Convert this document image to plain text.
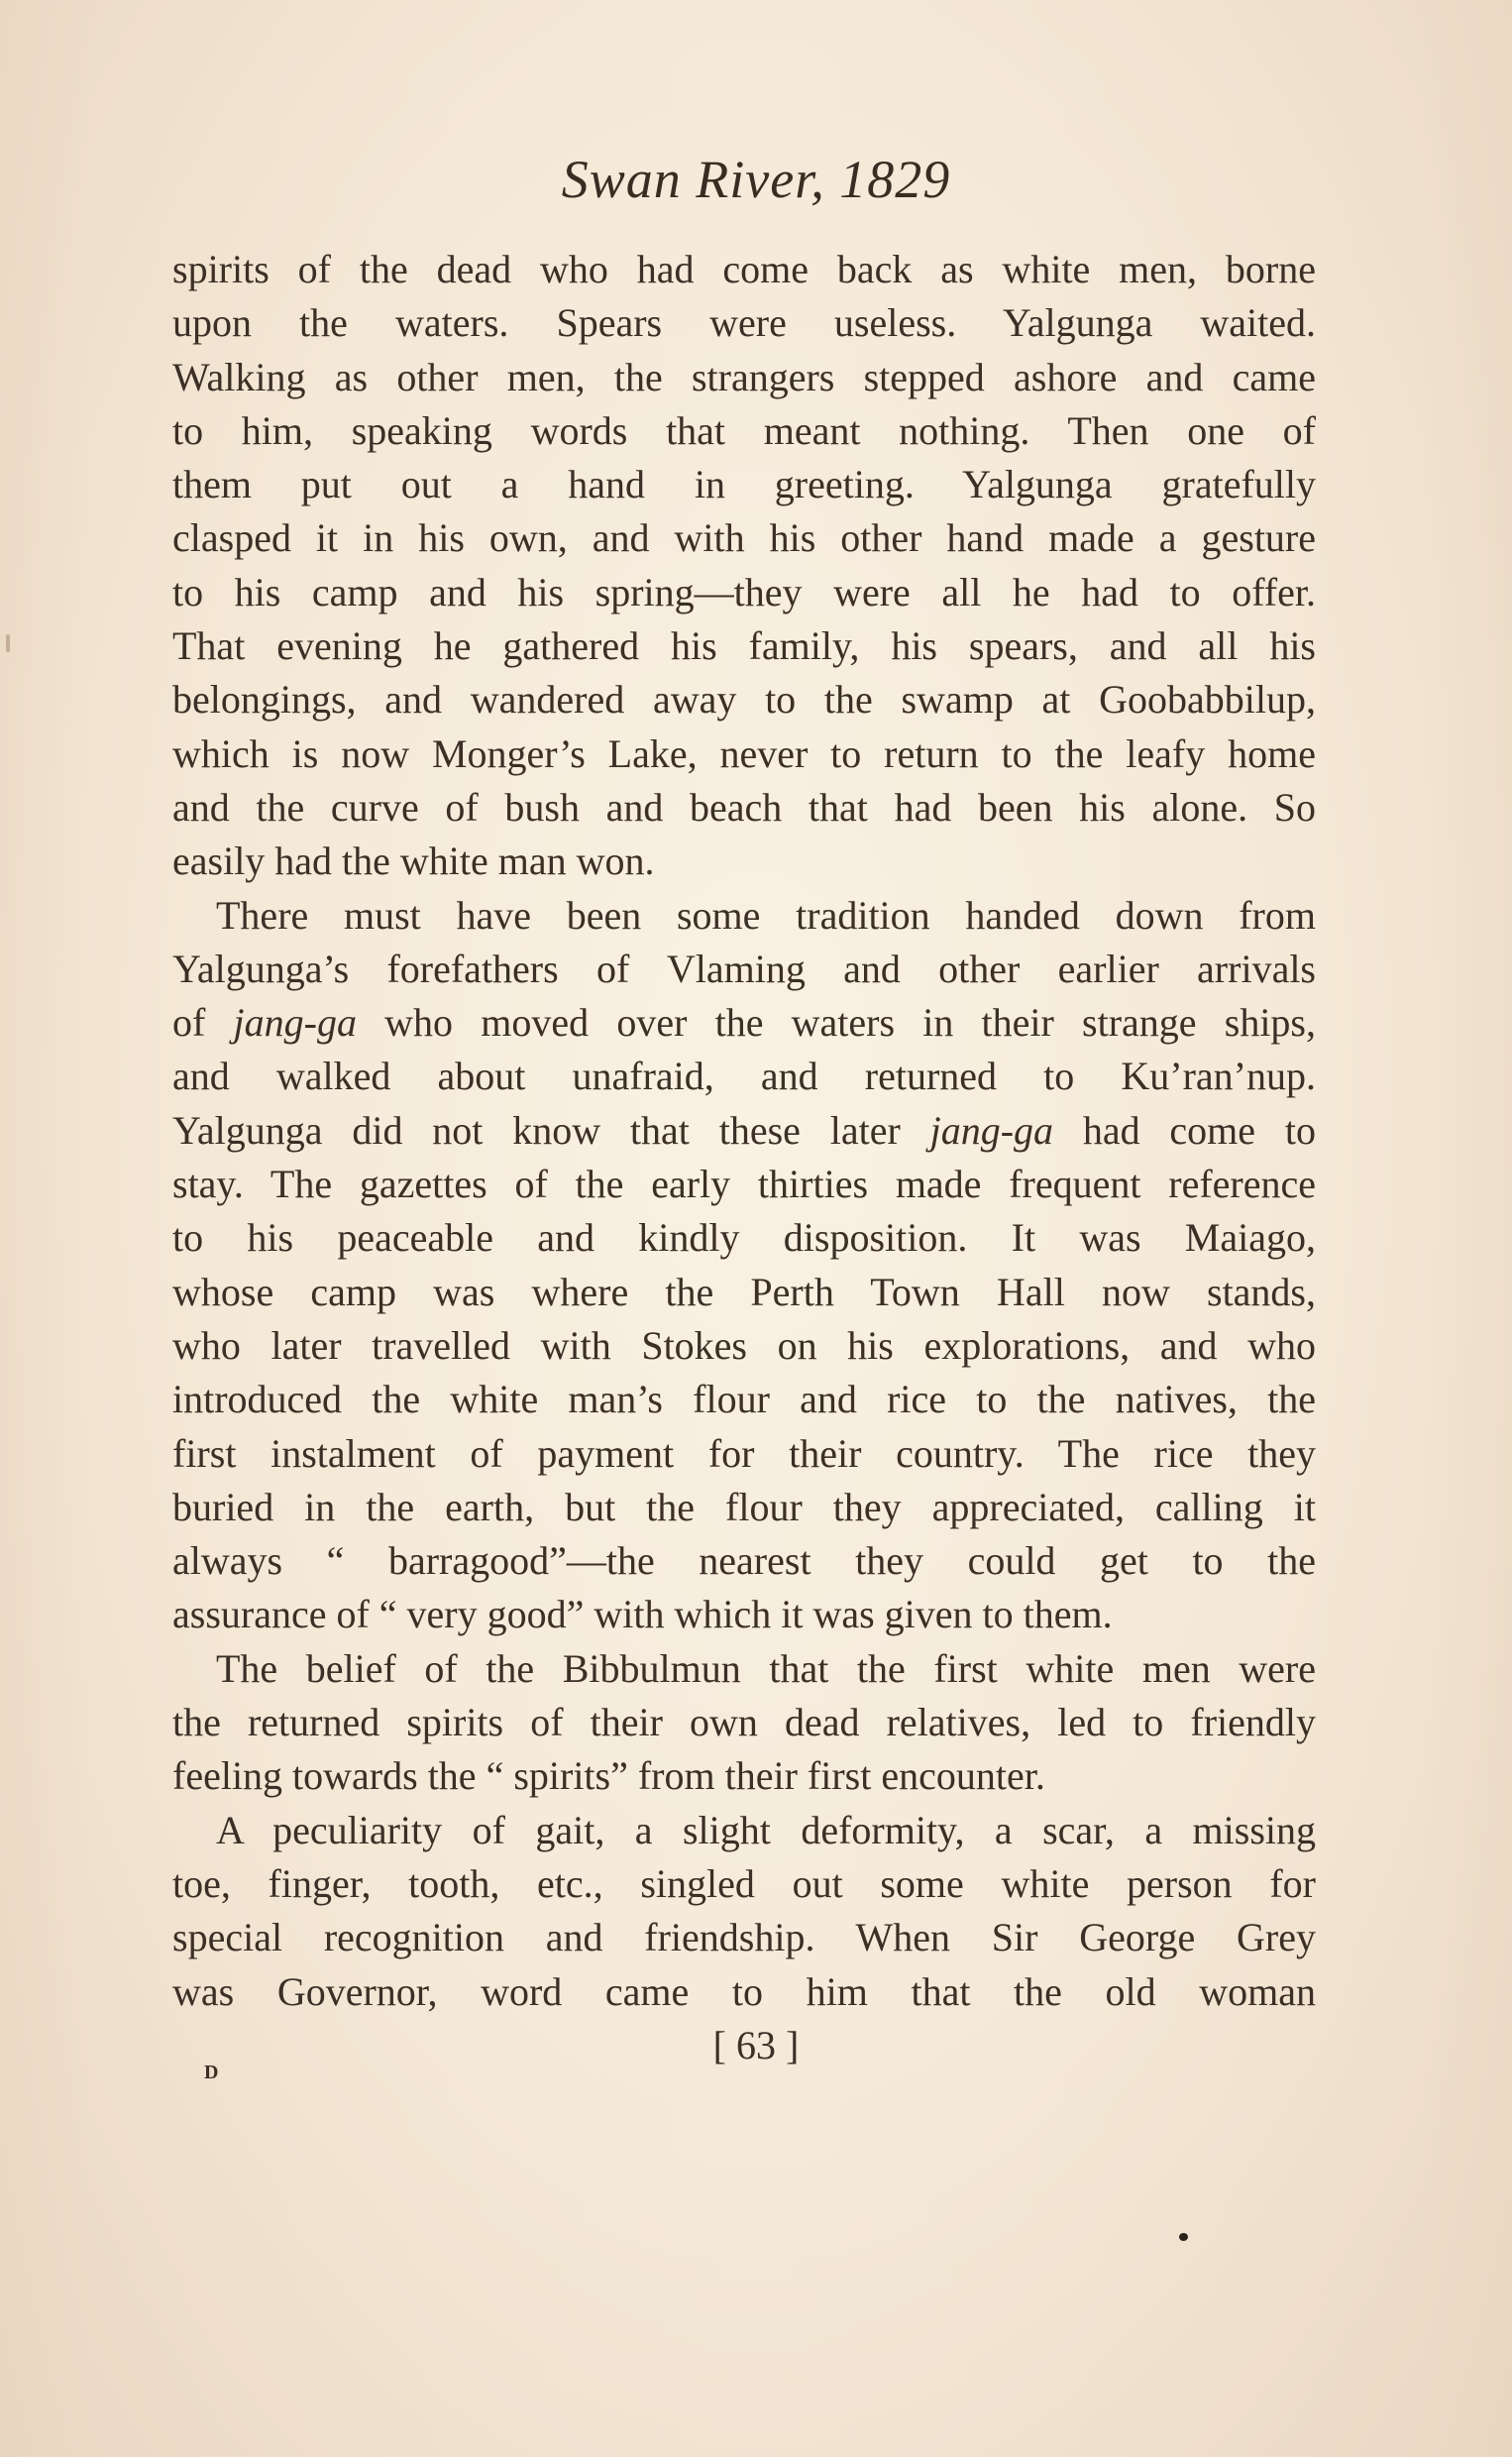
Swan River, 1829
spirits of the dead who had come back as white men, borne
upon the waters. Spears were useless. Yalgunga waited.
Walking as other men, the strangers stepped ashore and came
to him, speaking words that meant nothing. Then one of
them put out a hand in greeting. Yalgunga gratefully
clasped it in his own, and with his other hand made a gesture
to his camp and his spring—they were all he had to offer.
That evening he gathered his family, his spears, and all his
belongings, and wandered away to the swamp at Goobabbilup,
which is now Monger’s Lake, never to return to the leafy home
and the curve of bush and beach that had been his alone. So
easily had the white man won.
There must have been some tradition handed down from
Yalgunga’s forefathers of Vlaming and other earlier arrivals
of jang-ga who moved over the waters in their strange ships,
and walked about unafraid, and returned to Ku’ran’nup.
Yalgunga did not know that these later jang-ga had come to
stay. The gazettes of the early thirties made frequent reference
to his peaceable and kindly disposition. It was Maiago,
whose camp was where the Perth Town Hall now stands,
who later travelled with Stokes on his explorations, and who
introduced the white man’s flour and rice to the natives, the
first instalment of payment for their country. The rice they
buried in the earth, but the flour they appreciated, calling it
always “ barragood”—the nearest they could get to the
assurance of “ very good” with which it was given to them.
The belief of the Bibbulmun that the first white men were
the returned spirits of their own dead relatives, led to friendly
feeling towards the “ spirits” from their first encounter.
A peculiarity of gait, a slight deformity, a scar, a missing
toe, finger, tooth, etc., singled out some white person for
special recognition and friendship. When Sir George Grey
was Governor, word came to him that the old woman
[ 63 ]
D
